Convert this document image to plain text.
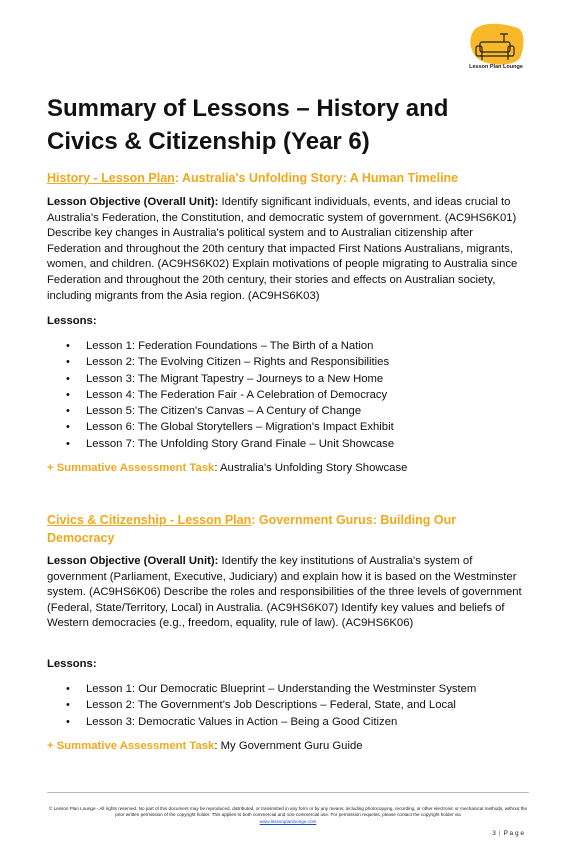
Lesson Plan Lounge
Summary of Lessons – History and Civics & Citizenship (Year 6)
History - Lesson Plan: Australia's Unfolding Story: A Human Timeline

Lesson Objective (Overall Unit): Identify significant individuals, events, and ideas crucial to Australia's Federation, the Constitution, and democratic system of government. (AC9HS6K01) Describe key changes in Australia's political system and to Australian citizenship after Federation and throughout the 20th century that impacted First Nations Australians, migrants, women, and children. (AC9HS6K02) Explain motivations of people migrating to Australia since Federation and throughout the 20th century, their stories and effects on Australian society, including migrants from the Asia region. (AC9HS6K03)

Lessons:
• Lesson 1: Federation Foundations – The Birth of a Nation
• Lesson 2: The Evolving Citizen – Rights and Responsibilities
• Lesson 3: The Migrant Tapestry – Journeys to a New Home
• Lesson 4: The Federation Fair - A Celebration of Democracy
• Lesson 5: The Citizen's Canvas – A Century of Change
• Lesson 6: The Global Storytellers – Migration's Impact Exhibit
• Lesson 7: The Unfolding Story Grand Finale – Unit Showcase
+ Summative Assessment Task: Australia's Unfolding Story Showcase
Civics & Citizenship - Lesson Plan: Government Gurus: Building Our Democracy

Lesson Objective (Overall Unit): Identify the key institutions of Australia's system of government (Parliament, Executive, Judiciary) and explain how it is based on the Westminster system. (AC9HS6K06) Describe the roles and responsibilities of the three levels of government (Federal, State/Territory, Local) in Australia. (AC9HS6K07) Identify key values and beliefs of Western democracies (e.g., freedom, equality, rule of law). (AC9HS6K06)

Lessons:
• Lesson 1: Our Democratic Blueprint – Understanding the Westminster System
• Lesson 2: The Government's Job Descriptions – Federal, State, and Local
• Lesson 3: Democratic Values in Action – Being a Good Citizen
+ Summative Assessment Task: My Government Guru Guide
© Lesson Plan Lounge - All rights reserved. No part of this document may be reproduced, distributed, or transmitted in any form or by any means, including photocopying, recording, or other electronic or mechanical methods, without the prior written permission of the copyright holder. This applies to both commercial and non-commercial use. For permission requests, please contact the copyright holder via
www.lessonplanlounge.com
3 | P a g e
